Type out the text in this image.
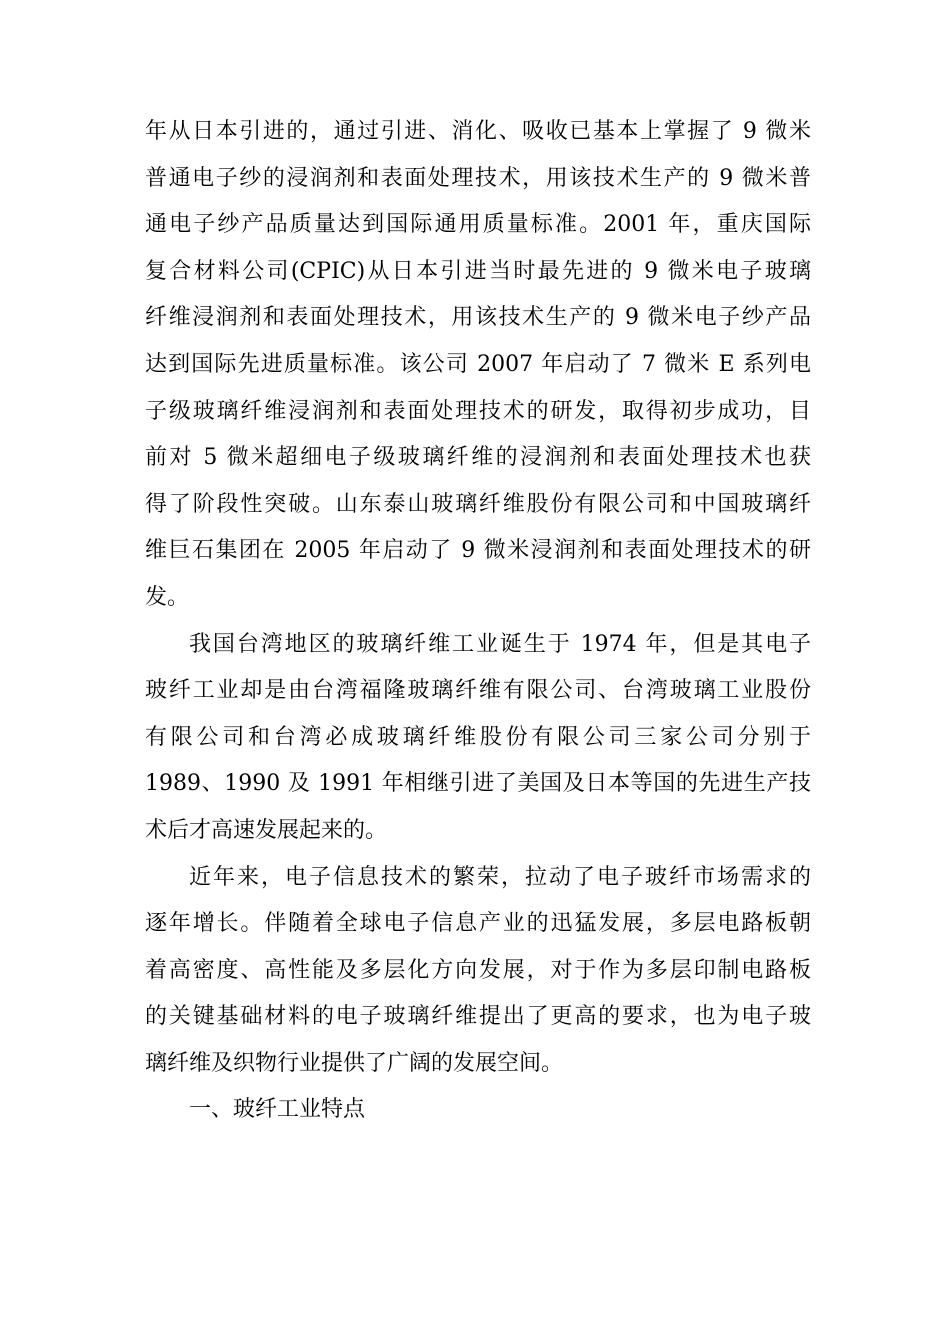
年从日本引进的，通过引进、消化、吸收已基本上掌握了 9 微米
普通电子纱的浸润剂和表面处理技术，用该技术生产的 9 微米普
通电子纱产品质量达到国际通用质量标准。2001 年，重庆国际
复合材料公司(CPIC)从日本引进当时最先进的 9 微米电子玻璃
纤维浸润剂和表面处理技术，用该技术生产的 9 微米电子纱产品
达到国际先进质量标准。该公司 2007 年启动了 7 微米 E 系列电
子级玻璃纤维浸润剂和表面处理技术的研发，取得初步成功，目
前对 5 微米超细电子级玻璃纤维的浸润剂和表面处理技术也获
得了阶段性突破。山东泰山玻璃纤维股份有限公司和中国玻璃纤
维巨石集团在 2005 年启动了 9 微米浸润剂和表面处理技术的研
发。
我国台湾地区的玻璃纤维工业诞生于 1974 年，但是其电子
玻纤工业却是由台湾福隆玻璃纤维有限公司、台湾玻璃工业股份
有限公司和台湾必成玻璃纤维股份有限公司三家公司分别于
1989、1990 及 1991 年相继引进了美国及日本等国的先进生产技
术后才高速发展起来的。
近年来，电子信息技术的繁荣，拉动了电子玻纤市场需求的
逐年增长。伴随着全球电子信息产业的迅猛发展，多层电路板朝
着高密度、高性能及多层化方向发展，对于作为多层印制电路板
的关键基础材料的电子玻璃纤维提出了更高的要求，也为电子玻
璃纤维及织物行业提供了广阔的发展空间。
一、玻纤工业特点
